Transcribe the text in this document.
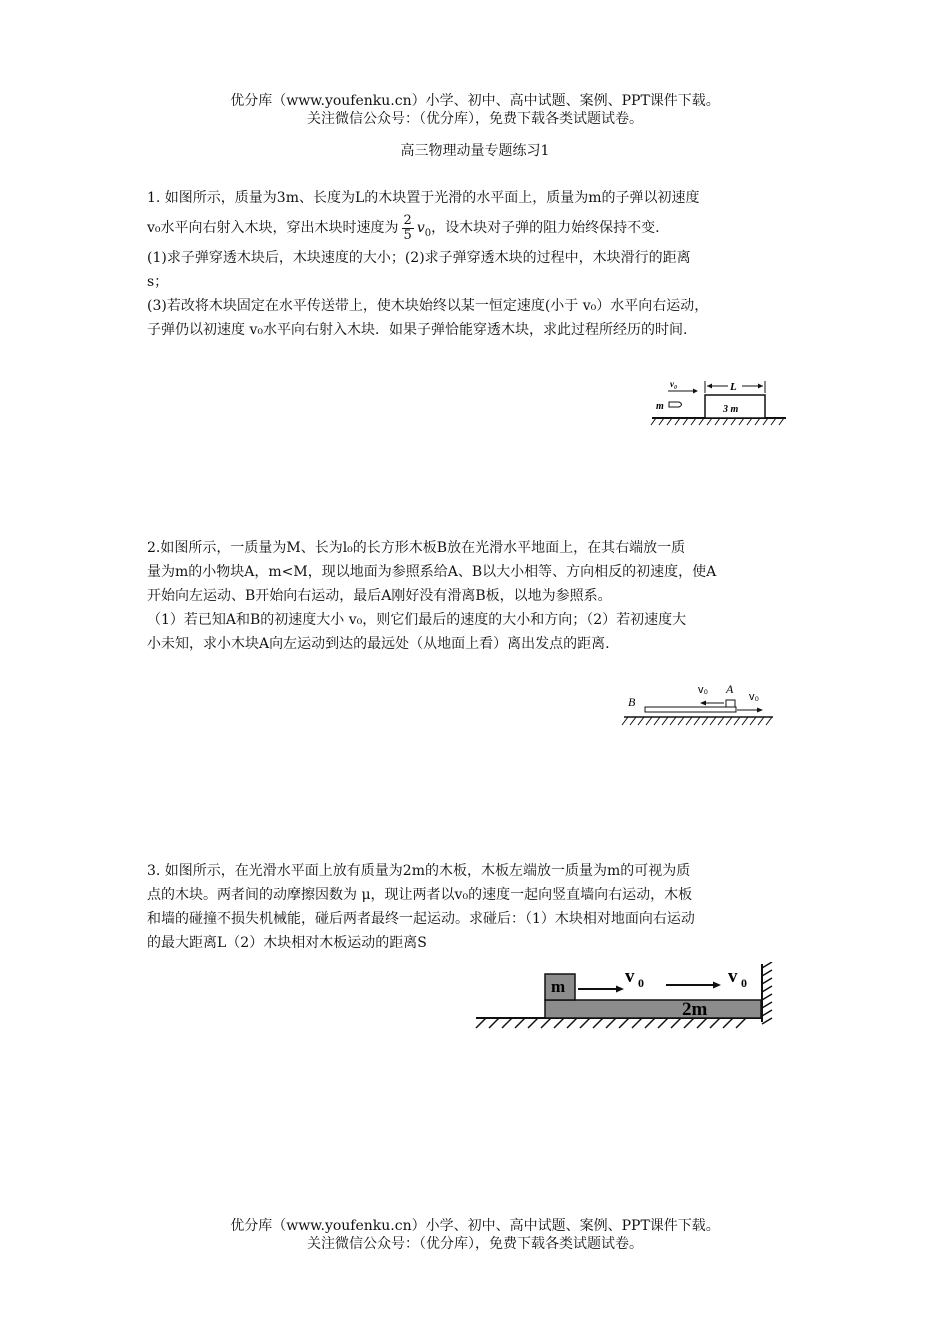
优分库（www.youfenku.cn）小学、初中、高中试题、案例、PPT课件下载。
关注微信公众号：（优分库），免费下载各类试题试卷。
高三物理动量专题练习1
1. 如图所示，质量为3m、长度为L的木块置于光滑的水平面上，质量为m的子弹以初速度
v₀水平向右射入木块，穿出木块时速度为 $\frac{2}{5} v_0$，设木块对子弹的阻力始终保持不变.
(1)求子弹穿透木块后，木块速度的大小；(2)求子弹穿透木块的过程中，木块滑行的距离
s；
(3)若改将木块固定在水平传送带上，使木块始终以某一恒定速度(小于 v₀）水平向右运动，
子弹仍以初速度 v₀水平向右射入木块．如果子弹恰能穿透木块，求此过程所经历的时间.
3 m
L
v₀
m
2.如图所示，一质量为M、长为l₀的长方形木板B放在光滑水平地面上，在其右端放一质
量为m的小物块A，m<M，现以地面为参照系给A、B以大小相等、方向相反的初速度，使A
开始向左运动、B开始向右运动，最后A刚好没有滑离B板，以地为参照系。
（1）若已知A和B的初速度大小 v₀，则它们最后的速度的大小和方向；（2）若初速度大
小未知，求小木块A向左运动到达的最远处（从地面上看）离出发点的距离.
B
A
v₀
v₀
3. 如图所示，在光滑水平面上放有质量为2m的木板，木板左端放一质量为m的可视为质
点的木块。两者间的动摩擦因数为 μ，现让两者以v₀的速度一起向竖直墙向右运动，木板
和墙的碰撞不损失机械能，碰后两者最终一起运动。求碰后：（1）木块相对地面向右运动
的最大距离L（2）木块相对木板运动的距离S
m
2m
v 0	v 0
优分库（www.youfenku.cn）小学、初中、高中试题、案例、PPT课件下载。
关注微信公众号：（优分库），免费下载各类试题试卷。
